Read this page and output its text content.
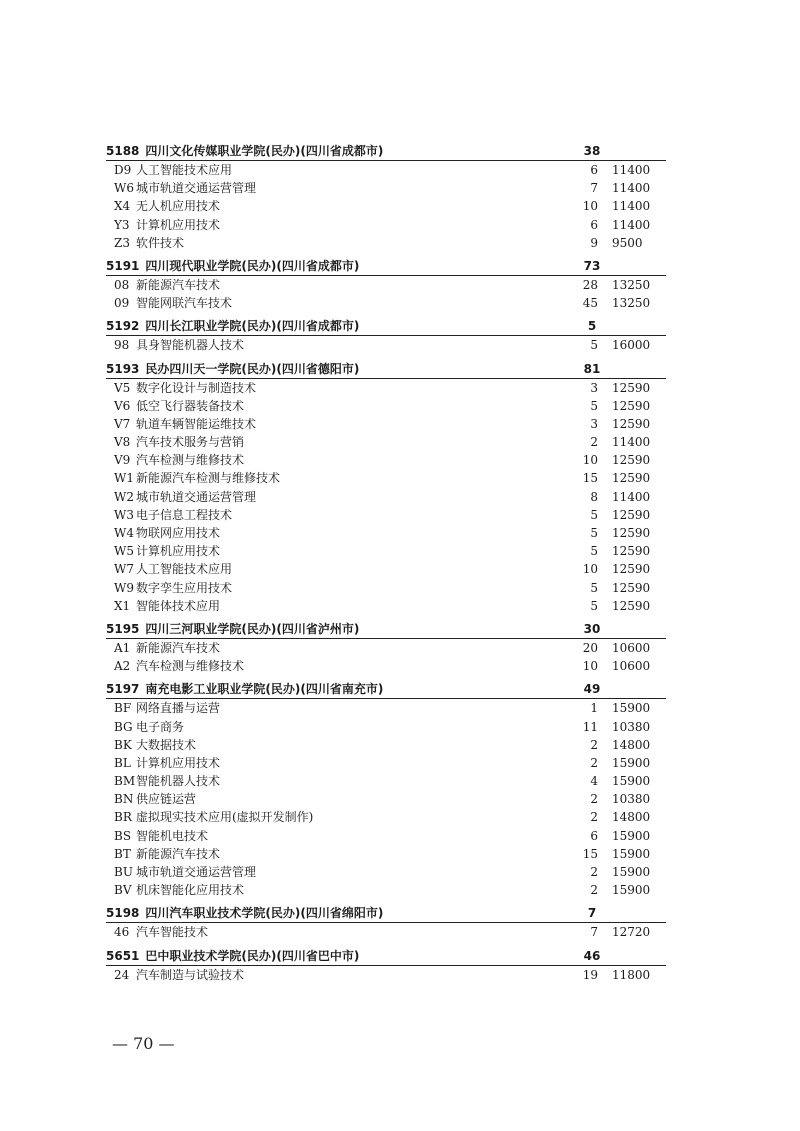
5188 四川文化传媒职业学院(民办)(四川省成都市)	38
D9 人工智能技术应用	6 11400
W6 城市轨道交通运营管理	7 11400
X4 无人机应用技术	10 11400
Y3 计算机应用技术	6 11400
Z3 软件技术	9 9500
5191 四川现代职业学院(民办)(四川省成都市)	73
08 新能源汽车技术	28 13250
09 智能网联汽车技术	45 13250
5192 四川长江职业学院(民办)(四川省成都市)	5
98 具身智能机器人技术	5 16000
5193 民办四川天一学院(民办)(四川省德阳市)	81
V5 数字化设计与制造技术	3 12590
V6 低空飞行器装备技术	5 12590
V7 轨道车辆智能运维技术	3 12590
V8 汽车技术服务与营销	2 11400
V9 汽车检测与维修技术	10 12590
W1 新能源汽车检测与维修技术	15 12590
W2 城市轨道交通运营管理	8 11400
W3 电子信息工程技术	5 12590
W4 物联网应用技术	5 12590
W5 计算机应用技术	5 12590
W7 人工智能技术应用	10 12590
W9 数字孪生应用技术	5 12590
X1 智能体技术应用	5 12590
5195 四川三河职业学院(民办)(四川省泸州市)	30
A1 新能源汽车技术	20 10600
A2 汽车检测与维修技术	10 10600
5197 南充电影工业职业学院(民办)(四川省南充市)	49
BF 网络直播与运营	1 15900
BG 电子商务	11 10380
BK 大数据技术	2 14800
BL 计算机应用技术	2 15900
BM 智能机器人技术	4 15900
BN 供应链运营	2 10380
BR 虚拟现实技术应用(虚拟开发制作)	2 14800
BS 智能机电技术	6 15900
BT 新能源汽车技术	15 15900
BU 城市轨道交通运营管理	2 15900
BV 机床智能化应用技术	2 15900
5198 四川汽车职业技术学院(民办)(四川省绵阳市)	7
46 汽车智能技术	7 12720
5651 巴中职业技术学院(民办)(四川省巴中市)	46
24 汽车制造与试验技术	19 11800
— 70 —
